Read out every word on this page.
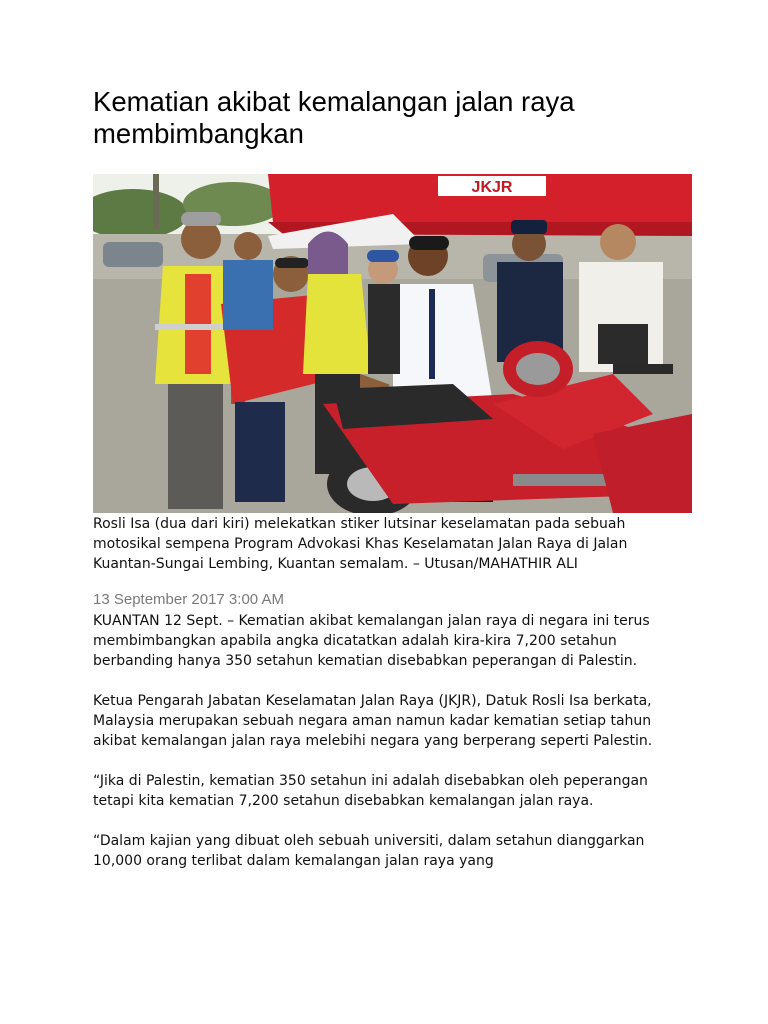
Kematian akibat kemalangan jalan raya membimbangkan
JKJR

Rosli Isa (dua dari kiri) melekatkan stiker lutsinar keselamatan pada sebuah motosikal sempena Program Advokasi Khas Keselamatan Jalan Raya di Jalan Kuantan-Sungai Lembing, Kuantan semalam. – Utusan/MAHATHIR ALI

13 September 2017 3:00 AM

KUANTAN 12 Sept. – Kematian akibat kemalangan jalan raya di negara ini terus membimbangkan apabila angka dicatatkan adalah kira-kira 7,200 setahun berbanding hanya 350 setahun kematian disebabkan peperangan di Palestin.

Ketua Pengarah Jabatan Keselamatan Jalan Raya (JKJR), Datuk Rosli Isa berkata, Malaysia merupakan sebuah negara aman namun kadar kematian setiap tahun akibat kemalangan jalan raya melebihi negara yang berperang seperti Palestin.

“Jika di Palestin, kematian 350 setahun ini adalah disebabkan oleh peperangan tetapi kita kematian 7,200 setahun disebabkan kemalangan jalan raya.

“Dalam kajian yang dibuat oleh sebuah universiti, dalam setahun dianggarkan 10,000 orang terlibat dalam kemalangan jalan raya yang
